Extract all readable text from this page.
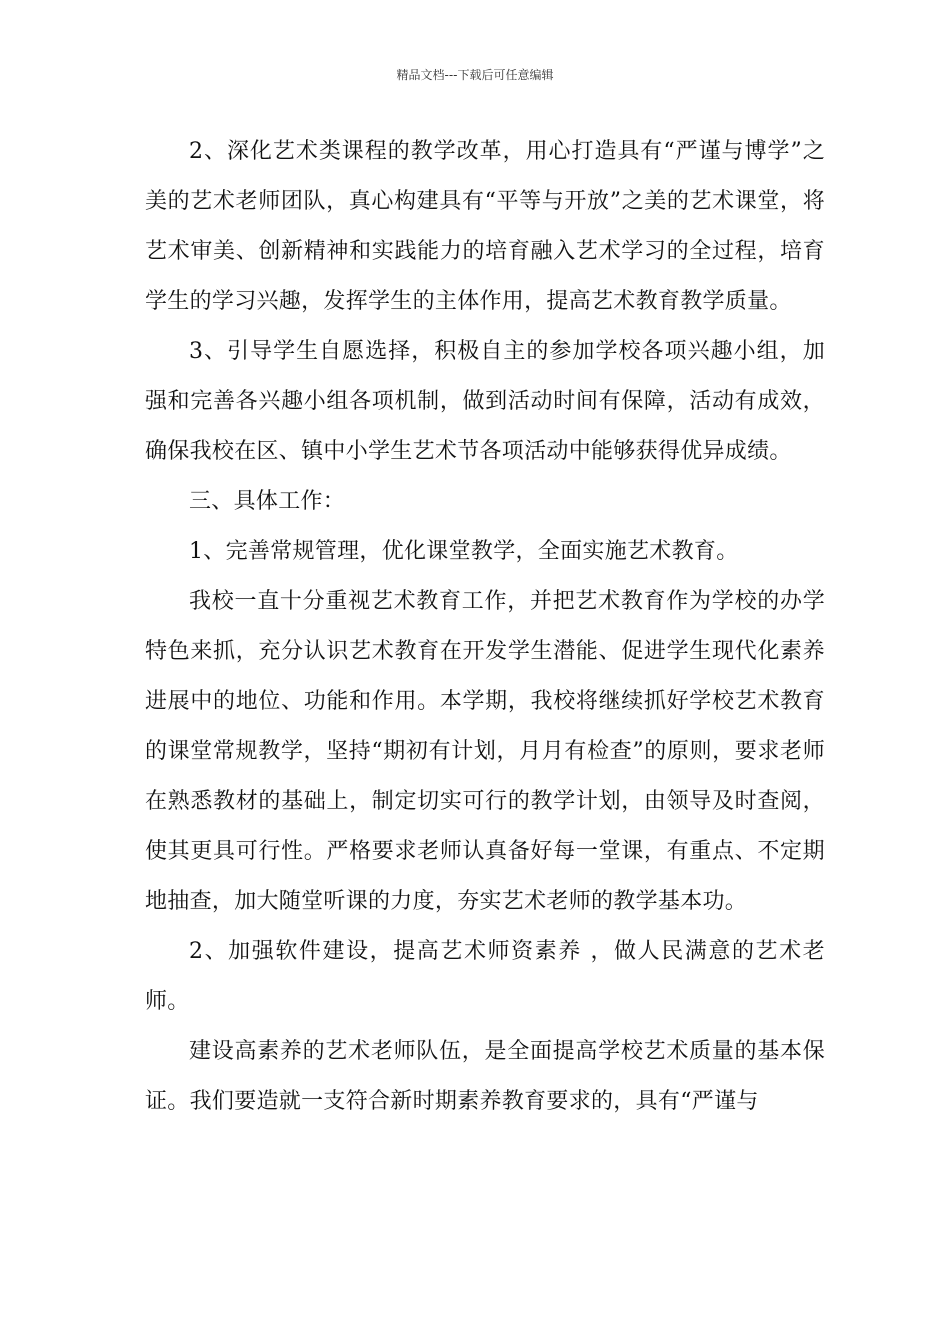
精品文档---下载后可任意编辑

2、深化艺术类课程的教学改革，用心打造具有“严谨与博学”之美的艺术老师团队，真心构建具有“平等与开放”之美的艺术课堂，将艺术审美、创新精神和实践能力的培育融入艺术学习的全过程，培育学生的学习兴趣，发挥学生的主体作用，提高艺术教育教学质量。

3、引导学生自愿选择，积极自主的参加学校各项兴趣小组，加强和完善各兴趣小组各项机制，做到活动时间有保障，活动有成效，确保我校在区、镇中小学生艺术节各项活动中能够获得优异成绩。

三、具体工作：

1、完善常规管理，优化课堂教学，全面实施艺术教育。

我校一直十分重视艺术教育工作，并把艺术教育作为学校的办学特色来抓，充分认识艺术教育在开发学生潜能、促进学生现代化素养进展中的地位、功能和作用。本学期，我校将继续抓好学校艺术教育的课堂常规教学，坚持“期初有计划，月月有检查”的原则，要求老师在熟悉教材的基础上，制定切实可行的教学计划，由领导及时查阅，使其更具可行性。严格要求老师认真备好每一堂课，有重点、不定期地抽查，加大随堂听课的力度，夯实艺术老师的教学基本功。

2、加强软件建设，提高艺术师资素养 ，做人民满意的艺术老师。

建设高素养的艺术老师队伍，是全面提高学校艺术质量的基本保证。我们要造就一支符合新时期素养教育要求的，具有“严谨与
